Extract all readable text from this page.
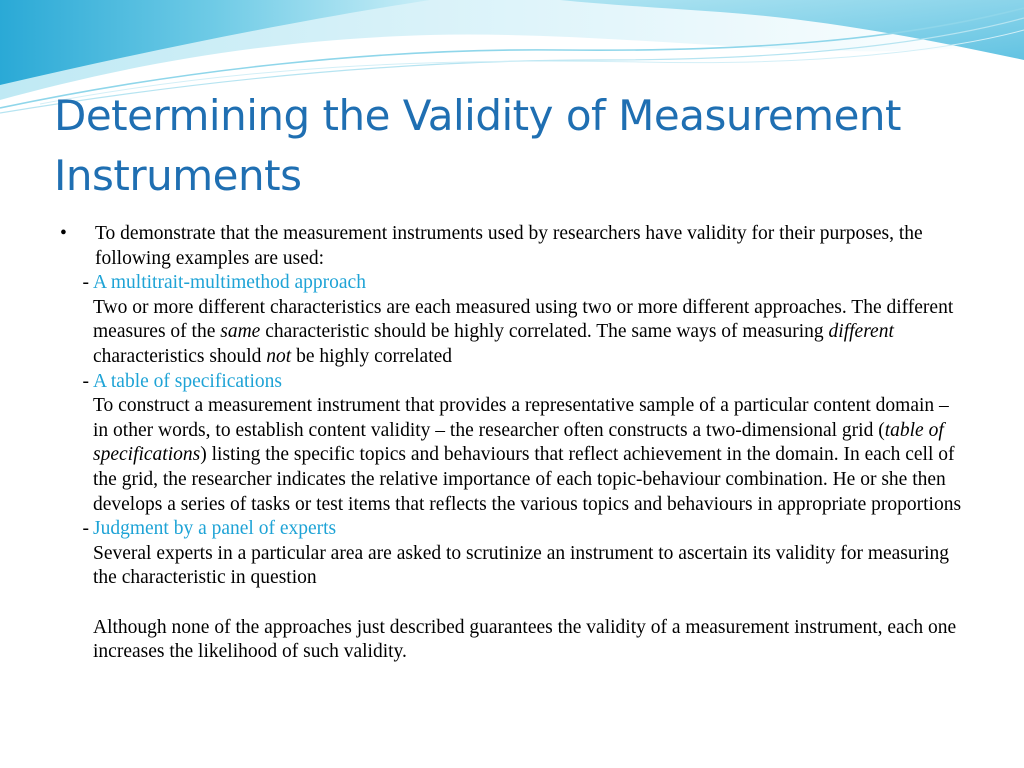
Determining the Validity of Measurement Instruments
•	To demonstrate that the measurement instruments used by researchers have validity for their purposes, the following examples are used:
- A multitrait-multimethod approach
Two or more different characteristics are each measured using two or more different approaches. The different measures of the same characteristic should be highly correlated. The same ways of measuring different characteristics should not be highly correlated
- A table of specifications
To construct a measurement instrument that provides a representative sample of a particular content domain – in other words, to establish content validity – the researcher often constructs a two-dimensional grid (table of specifications) listing the specific topics and behaviours that reflect achievement in the domain. In each cell of the grid, the researcher indicates the relative importance of each topic-behaviour combination. He or she then develops a series of tasks or test items that reflects the various topics and behaviours in appropriate proportions
- Judgment by a panel of experts
Several experts in a particular area are asked to scrutinize an instrument to ascertain its validity for measuring the characteristic in question
Although none of the approaches just described guarantees the validity of a measurement instrument, each one increases the likelihood of such validity.
